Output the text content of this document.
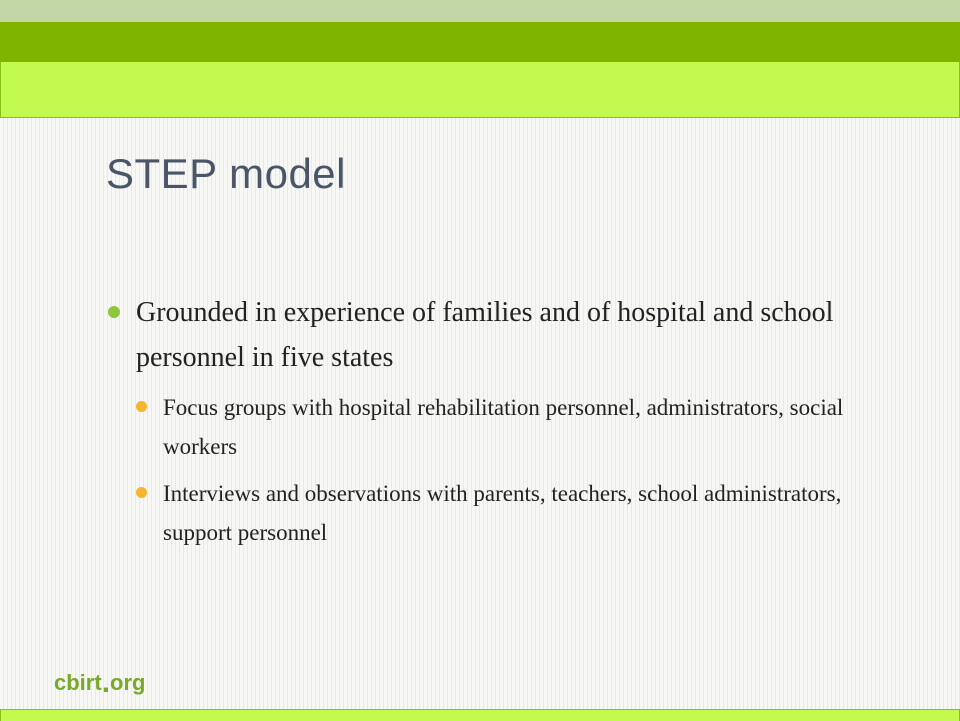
STEP model
Grounded in experience of families and of hospital and school personnel in five states
Focus groups with hospital rehabilitation personnel, administrators, social workers
Interviews and observations with parents, teachers, school administrators, support personnel
cbirt.org
